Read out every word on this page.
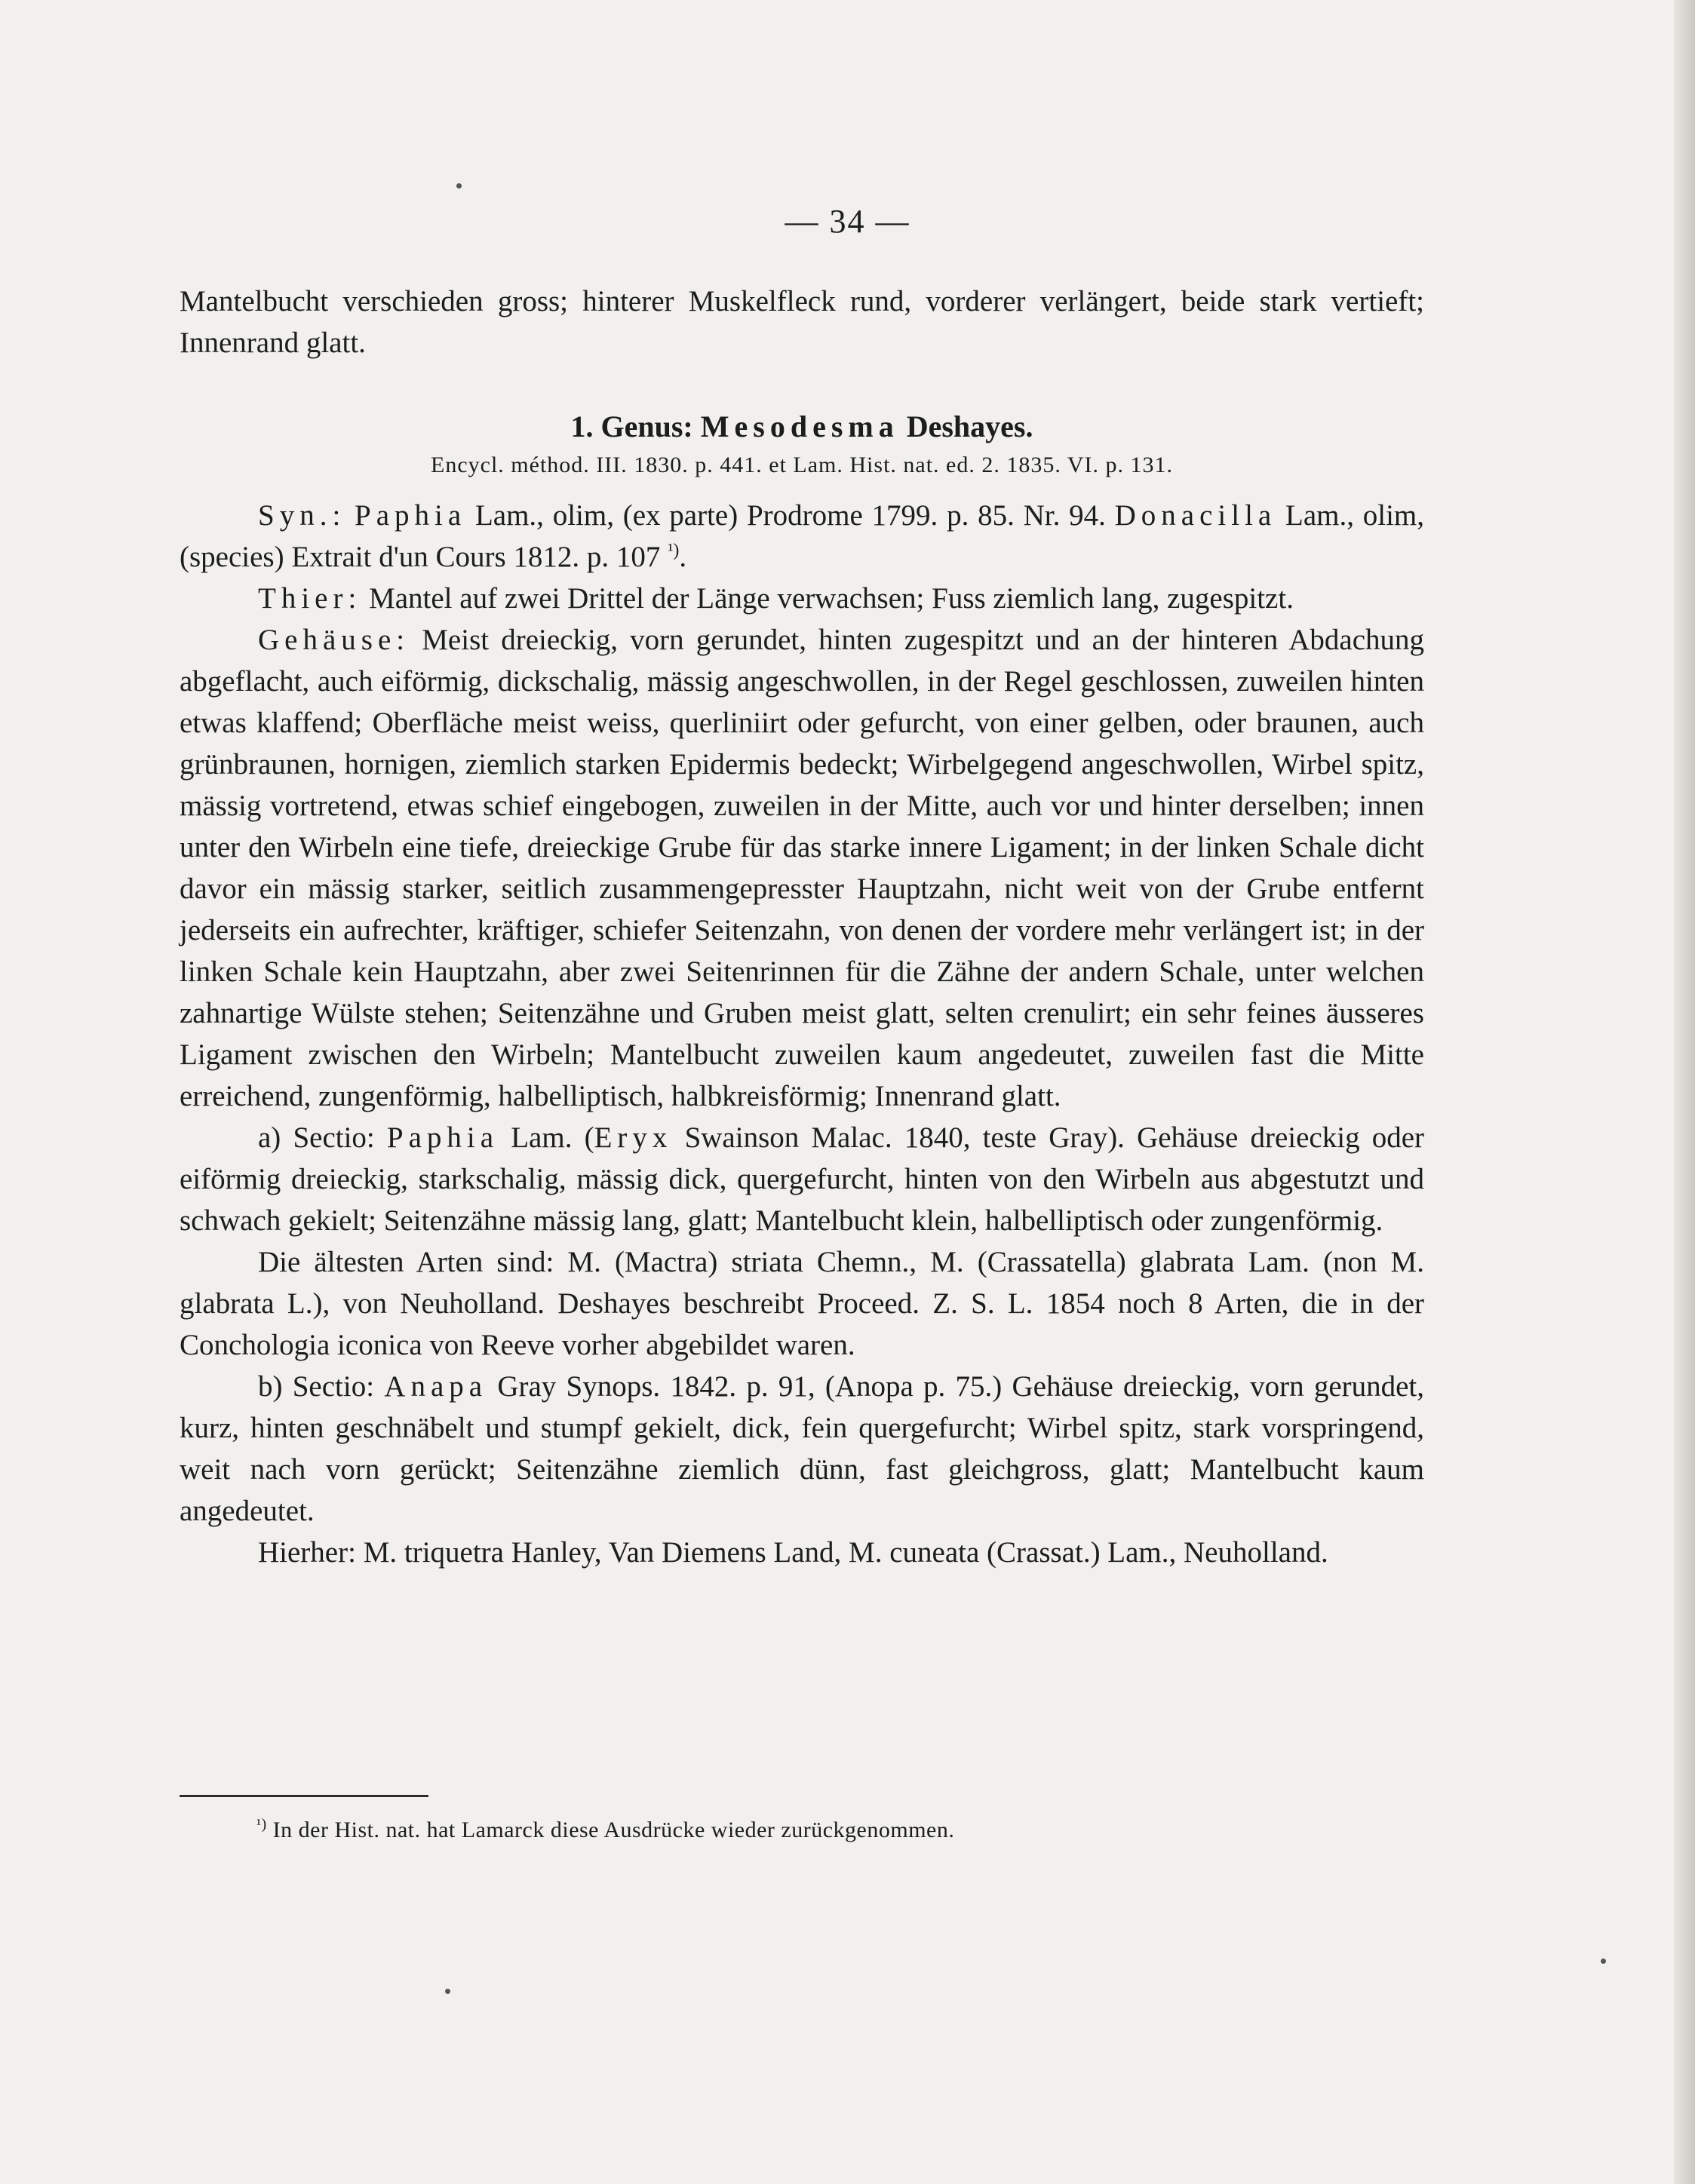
— 34 —

Mantelbucht verschieden gross; hinterer Muskelfleck rund, vorderer verlängert, beide stark vertieft; Innenrand glatt.

1. Genus: Mesodesma Deshayes.
Encycl. méthod. III. 1830. p. 441. et Lam. Hist. nat. ed. 2. 1835. VI. p. 131.

Syn.: Paphia Lam., olim, (ex parte) Prodrome 1799. p. 85. Nr. 94. Donacilla Lam., olim, (species) Extrait d'un Cours 1812. p. 107 $^{^1)}$.

Thier: Mantel auf zwei Drittel der Länge verwachsen; Fuss ziemlich lang, zugespitzt.

Gehäuse: Meist dreieckig, vorn gerundet, hinten zugespitzt und an der hinteren Abdachung abgeflacht, auch eiförmig, dickschalig, mässig angeschwollen, in der Regel geschlossen, zuweilen hinten etwas klaffend; Oberfläche meist weiss, querliniirt oder gefurcht, von einer gelben, oder braunen, auch grünbraunen, hornigen, ziemlich starken Epidermis bedeckt; Wirbelgegend angeschwollen, Wirbel spitz, mässig vortretend, etwas schief eingebogen, zuweilen in der Mitte, auch vor und hinter derselben; innen unter den Wirbeln eine tiefe, dreieckige Grube für das starke innere Ligament; in der linken Schale dicht davor ein mässig starker, seitlich zusammengepresster Hauptzahn, nicht weit von der Grube entfernt jederseits ein aufrechter, kräftiger, schiefer Seitenzahn, von denen der vordere mehr verlängert ist; in der linken Schale kein Hauptzahn, aber zwei Seitenrinnen für die Zähne der andern Schale, unter welchen zahnartige Wülste stehen; Seitenzähne und Gruben meist glatt, selten crenulirt; ein sehr feines äusseres Ligament zwischen den Wirbeln; Mantelbucht zuweilen kaum angedeutet, zuweilen fast die Mitte erreichend, zungenförmig, halbelliptisch, halbkreisförmig; Innenrand glatt.

a) Sectio: Paphia Lam. (Eryx Swainson Malac. 1840, teste Gray). Gehäuse dreieckig oder eiförmig dreieckig, starkschalig, mässig dick, quergefurcht, hinten von den Wirbeln aus abgestutzt und schwach gekielt; Seitenzähne mässig lang, glatt; Mantelbucht klein, halbelliptisch oder zungenförmig.

Die ältesten Arten sind: M. (Mactra) striata Chemn., M. (Crassatella) glabrata Lam. (non M. glabrata L.), von Neuholland. Deshayes beschreibt Proceed. Z. S. L. 1854 noch 8 Arten, die in der Conchologia iconica von Reeve vorher abgebildet waren.

b) Sectio: Anapa Gray Synops. 1842. p. 91, (Anopa p. 75.) Gehäuse dreieckig, vorn gerundet, kurz, hinten geschnäbelt und stumpf gekielt, dick, fein quergefurcht; Wirbel spitz, stark vorspringend, weit nach vorn gerückt; Seitenzähne ziemlich dünn, fast gleichgross, glatt; Mantelbucht kaum angedeutet.

Hierher: M. triquetra Hanley, Van Diemens Land, M. cuneata (Crassat.) Lam., Neuholland.

$^{^1)}$ In der Hist. nat. hat Lamarck diese Ausdrücke wieder zurückgenommen.
